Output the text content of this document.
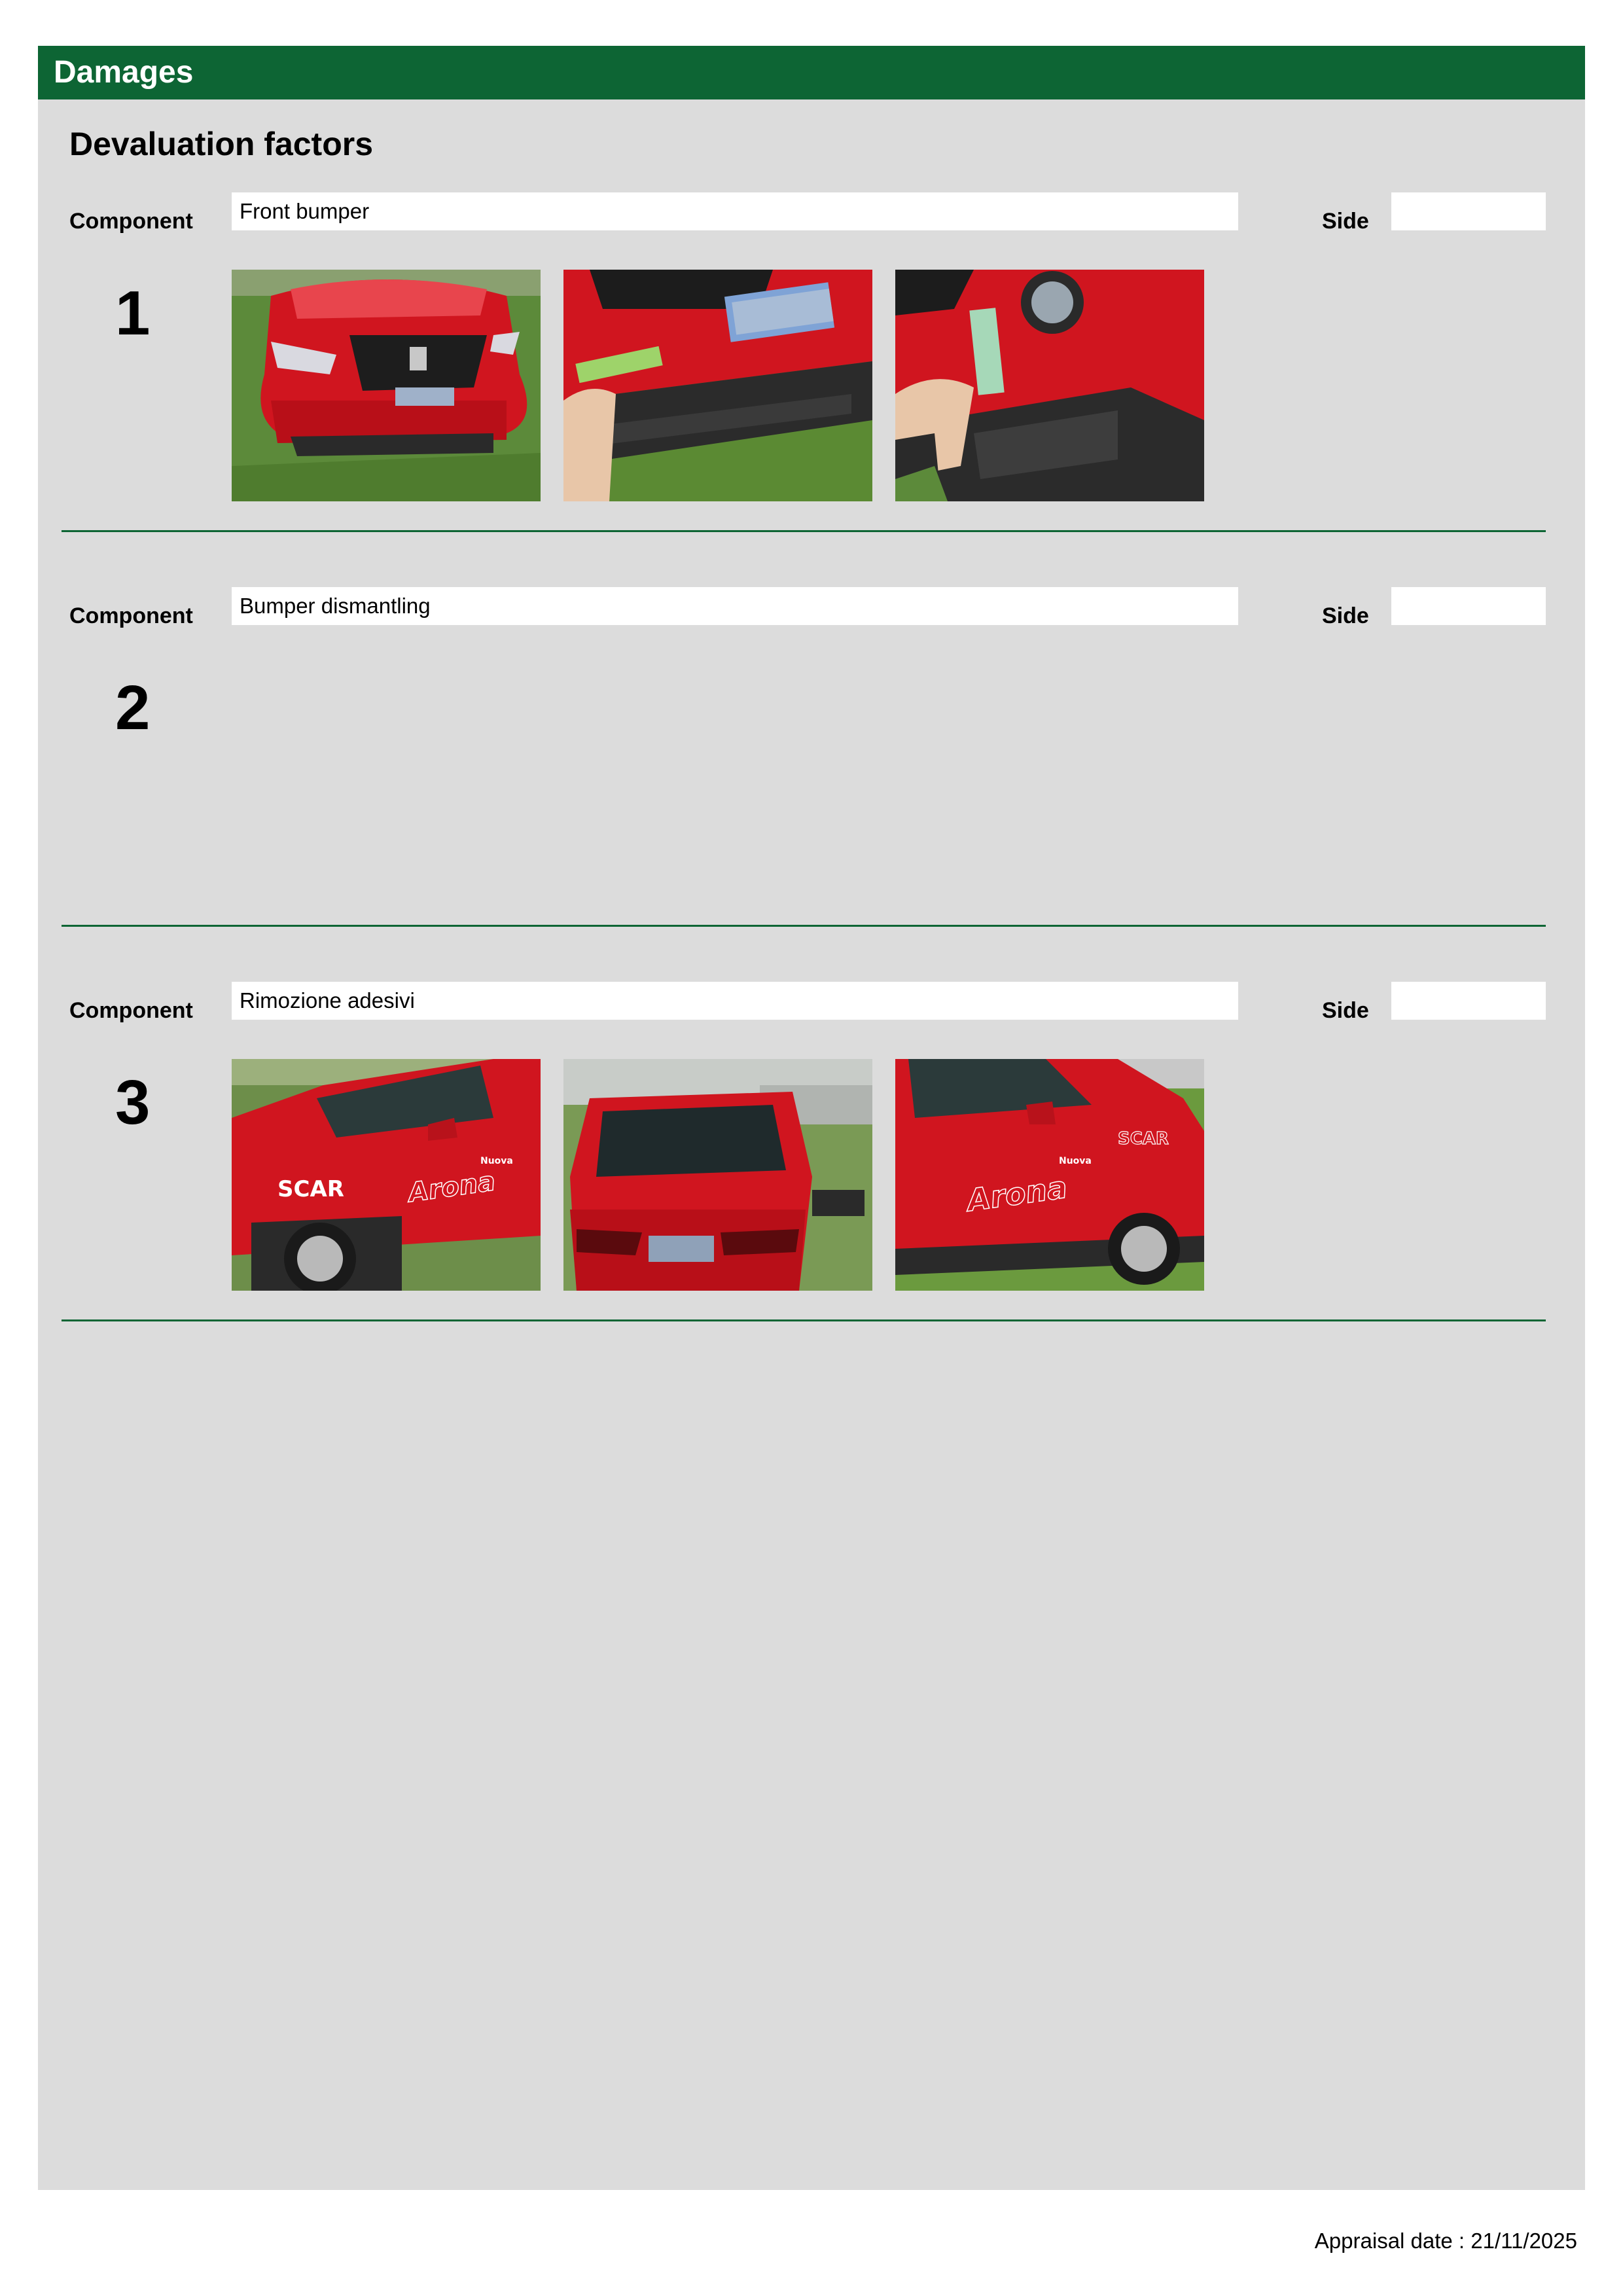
Damages
Devaluation factors
Component	Front bumper	Side
1
Component	Bumper dismantling	Side
2
Component	Rimozione adesivi	Side
3
SCAR Arona
Nuova
Arona
Nuova
SCAR
Appraisal date : 21/11/2025
